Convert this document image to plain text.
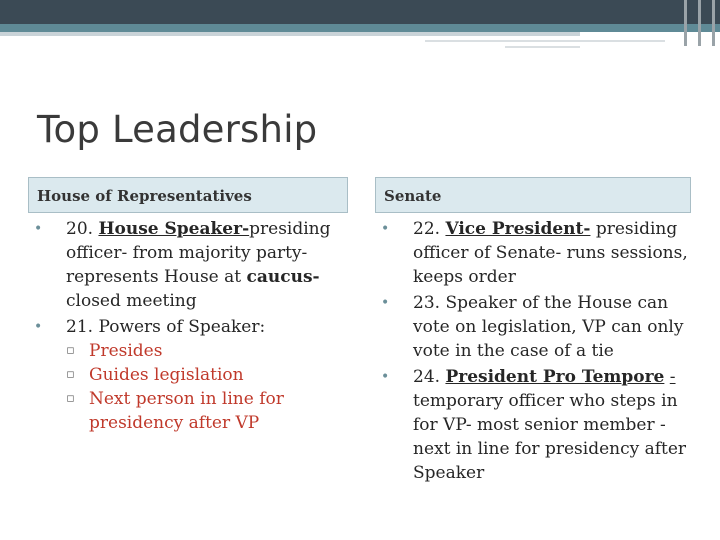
Top Leadership
House of Representatives	Senate

•	20. House Speaker-presiding officer- from majority party- represents House at caucus- closed meeting

•	21. Powers of Speaker:

▫ Presides

▫ Guides legislation

▫ Next person in line for presidency after VP

•	22. Vice President- presiding officer of Senate- runs sessions, keeps order

•	23. Speaker of the House can vote on legislation, VP can only vote in the case of a tie

•	24. President Pro Tempore - temporary officer who steps in for VP- most senior member - next in line for presidency after Speaker
